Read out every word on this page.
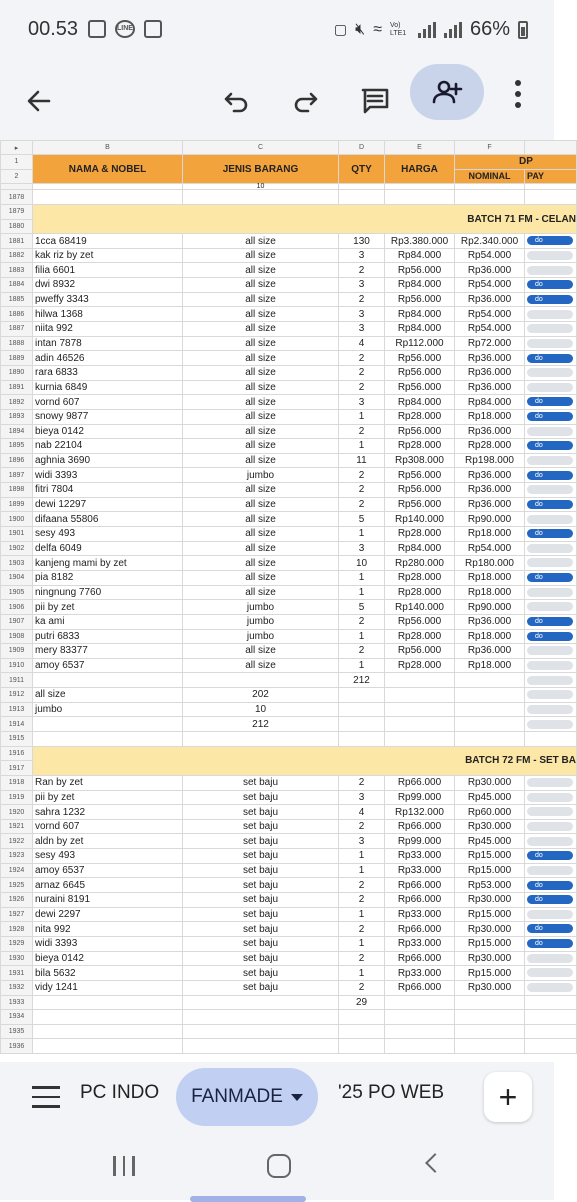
00.53	LINE	▢ 🔇︎ ≈ Vo) LTE1	66%
▸	B	C	D	E	F	
1	NAMA & NOBEL	JENIS BARANG	QTY	HARGA	DP	
2					NOMINAL	PAY
		10				
1878						
1879	BATCH 71 FM - CELAN					
1880						
1881	1cca 68419	all size	130	Rp3.380.000	Rp2.340.000	do
1882	kak riz by zet	all size	3	Rp84.000	Rp54.000	
1883	filia 6601	all size	2	Rp56.000	Rp36.000	
1884	dwi 8932	all size	3	Rp84.000	Rp54.000	do
1885	pweffy 3343	all size	2	Rp56.000	Rp36.000	do
1886	hilwa 1368	all size	3	Rp84.000	Rp54.000	
1887	niita 992	all size	3	Rp84.000	Rp54.000	
1888	intan 7878	all size	4	Rp112.000	Rp72.000	
1889	adin 46526	all size	2	Rp56.000	Rp36.000	do
1890	rara 6833	all size	2	Rp56.000	Rp36.000	
1891	kurnia 6849	all size	2	Rp56.000	Rp36.000	
1892	vornd 607	all size	3	Rp84.000	Rp84.000	do
1893	snowy 9877	all size	1	Rp28.000	Rp18.000	do
1894	bieya 0142	all size	2	Rp56.000	Rp36.000	
1895	nab 22104	all size	1	Rp28.000	Rp28.000	do
1896	aghnia 3690	all size	11	Rp308.000	Rp198.000	
1897	widi 3393	jumbo	2	Rp56.000	Rp36.000	do
1898	fitri 7804	all size	2	Rp56.000	Rp36.000	
1899	dewi 12297	all size	2	Rp56.000	Rp36.000	do
1900	difaana 55806	all size	5	Rp140.000	Rp90.000	
1901	sesy 493	all size	1	Rp28.000	Rp18.000	do
1902	delfa 6049	all size	3	Rp84.000	Rp54.000	
1903	kanjeng mami by zet	all size	10	Rp280.000	Rp180.000	
1904	pia 8182	all size	1	Rp28.000	Rp18.000	do
1905	ningnung 7760	all size	1	Rp28.000	Rp18.000	
1906	pii by zet	jumbo	5	Rp140.000	Rp90.000	
1907	ka ami	jumbo	2	Rp56.000	Rp36.000	do
1908	putri 6833	jumbo	1	Rp28.000	Rp18.000	do
1909	mery 83377	all size	2	Rp56.000	Rp36.000	
1910	amoy 6537	all size	1	Rp28.000	Rp18.000	
1911			212			
1912	all size	202				
1913	jumbo	10				
1914		212				
1915						
1916	BATCH 72 FM - SET BA					
1917						
1918	Ran by zet	set baju	2	Rp66.000	Rp30.000	
1919	pii by zet	set baju	3	Rp99.000	Rp45.000	
1920	sahra 1232	set baju	4	Rp132.000	Rp60.000	
1921	vornd 607	set baju	2	Rp66.000	Rp30.000	
1922	aldn by zet	set baju	3	Rp99.000	Rp45.000	
1923	sesy 493	set baju	1	Rp33.000	Rp15.000	do
1924	amoy 6537	set baju	1	Rp33.000	Rp15.000	
1925	arnaz 6645	set baju	2	Rp66.000	Rp53.000	do
1926	nuraini 8191	set baju	2	Rp66.000	Rp30.000	do
1927	dewi 2297	set baju	1	Rp33.000	Rp15.000	
1928	nita 992	set baju	2	Rp66.000	Rp30.000	do
1929	widi 3393	set baju	1	Rp33.000	Rp15.000	do
1930	bieya 0142	set baju	2	Rp66.000	Rp30.000	
1931	bila 5632	set baju	1	Rp33.000	Rp15.000	
1932	vidy 1241	set baju	2	Rp66.000	Rp30.000	
1933			29			
1934						
1935						
1936						
PC INDO FANMADE	'25 PO WEB +
